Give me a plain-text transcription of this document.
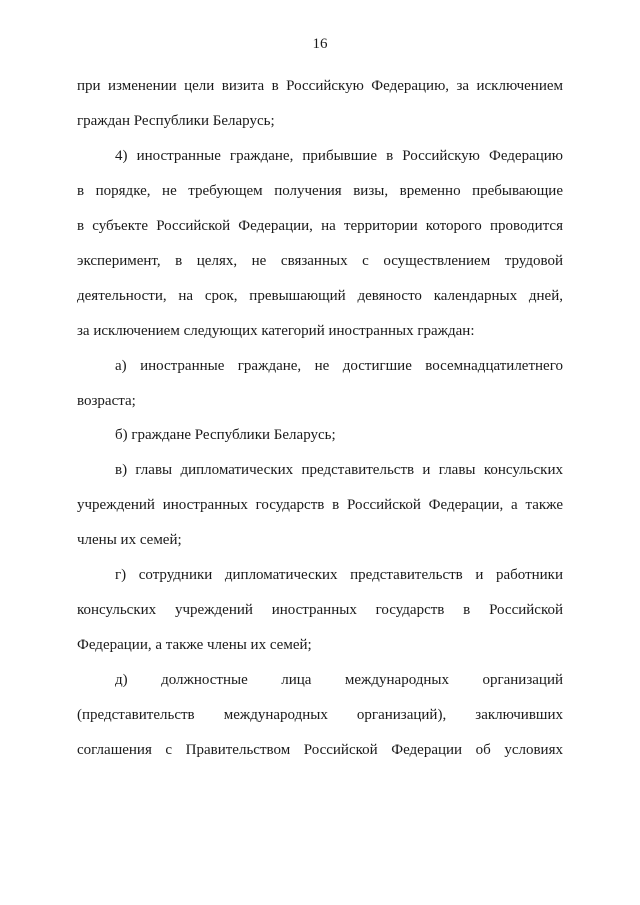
16
при изменении цели визита в Российскую Федерацию, за исключением
граждан Республики Беларусь;
4) иностранные граждане, прибывшие в Российскую Федерацию
в порядке, не требующем получения визы, временно пребывающие
в субъекте Российской Федерации, на территории которого проводится
эксперимент, в целях, не связанных с осуществлением трудовой
деятельности, на срок, превышающий девяносто календарных дней,
за исключением следующих категорий иностранных граждан:
а) иностранные граждане, не достигшие восемнадцатилетнего
возраста;
б) граждане Республики Беларусь;
в) главы дипломатических представительств и главы консульских
учреждений иностранных государств в Российской Федерации, а также
члены их семей;
г) сотрудники дипломатических представительств и работники
консульских учреждений иностранных государств в Российской
Федерации, а также члены их семей;
д) должностные лица международных организаций
(представительств международных организаций), заключивших
соглашения с Правительством Российской Федерации об условиях
